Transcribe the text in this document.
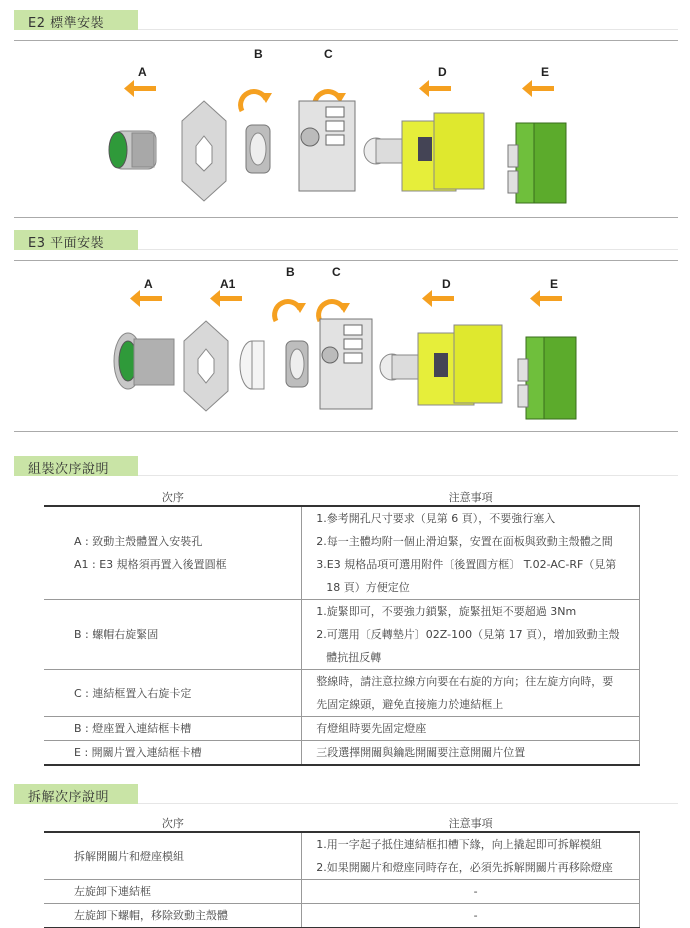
E2 標準安裝
A
B	C
D	E
E3 平面安裝
A	A1
B	C
D	E
組裝次序說明
次序	注意事項

A : 致動主殼體置入安裝孔
A1 : E3 規格須再置入後置圓框	1.參考開孔尺寸要求（見第 6 頁），不要強行塞入
2.每一主體均附一個止滑迫緊，安置在面板與致動主殼體之間
3.E3 規格品項可選用附件〔後置圓方框〕 T.02-AC-RF（見第
18 頁）方便定位

B : 螺帽右旋緊固	1.旋緊即可，不要強力鎖緊，旋緊扭矩不要超過 3Nm
2.可選用〔反轉墊片〕02Z-100（見第 17 頁），增加致動主殼
體抗扭反轉

C : 連結框置入右旋卡定	整線時，請注意拉線方向要在右旋的方向；往左旋方向時，要
先固定線頭，避免直接施力於連結框上

B : 燈座置入連結框卡槽	有燈組時要先固定燈座

E : 開關片置入連結框卡槽	三段選擇開關與鑰匙開關要注意開關片位置
拆解次序說明
次序	注意事項

拆解開關片和燈座模組	1.用一字起子抵住連結框扣槽下緣，向上撬起即可拆解模組
2.如果開關片和燈座同時存在，必須先拆解開關片再移除燈座

左旋卸下連結框	-

左旋卸下螺帽，移除致動主殼體	-
